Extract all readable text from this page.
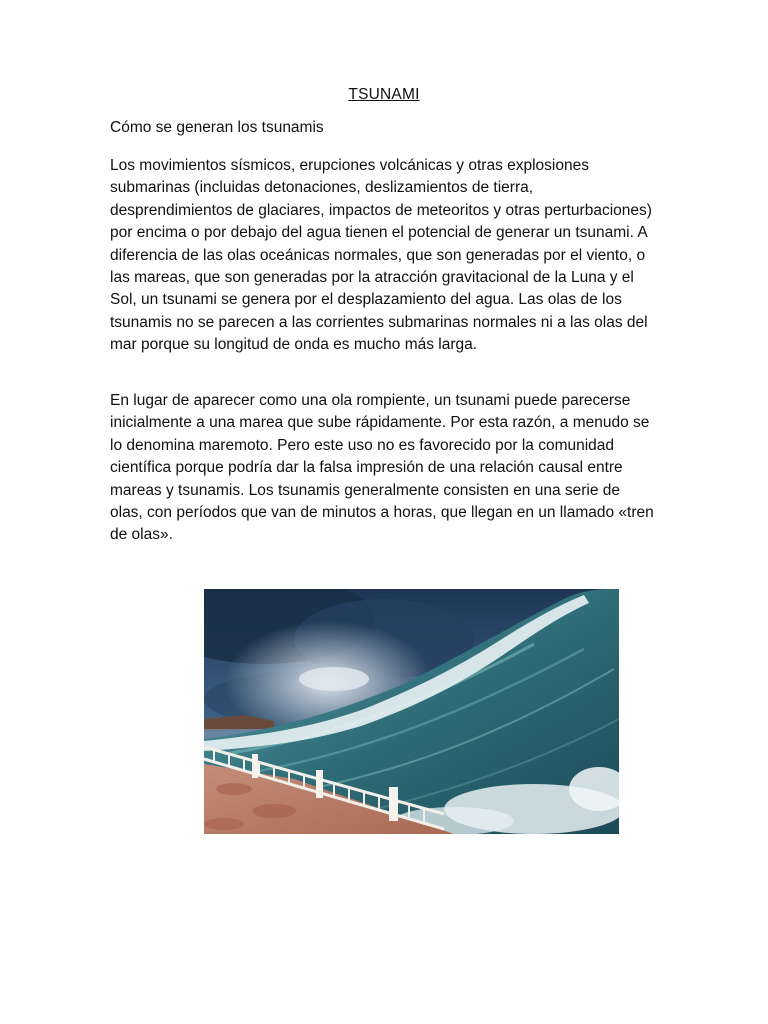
TSUNAMI
Cómo se generan los tsunamis

Los movimientos sísmicos, erupciones volcánicas y otras explosiones submarinas (incluidas detonaciones, deslizamientos de tierra, desprendimientos de glaciares, impactos de meteoritos y otras perturbaciones) por encima o por debajo del agua tienen el potencial de generar un tsunami. A diferencia de las olas oceánicas normales, que son generadas por el viento, o las mareas, que son generadas por la atracción gravitacional de la Luna y el Sol, un tsunami se genera por el desplazamiento del agua. Las olas de los tsunamis no se parecen a las corrientes submarinas normales ni a las olas del mar porque su longitud de onda es mucho más larga.

En lugar de aparecer como una ola rompiente, un tsunami puede parecerse inicialmente a una marea que sube rápidamente. Por esta razón, a menudo se lo denomina maremoto. Pero este uso no es favorecido por la comunidad científica porque podría dar la falsa impresión de una relación causal entre mareas y tsunamis. Los tsunamis generalmente consisten en una serie de olas, con períodos que van de minutos a horas, que llegan en un llamado «tren de olas».
